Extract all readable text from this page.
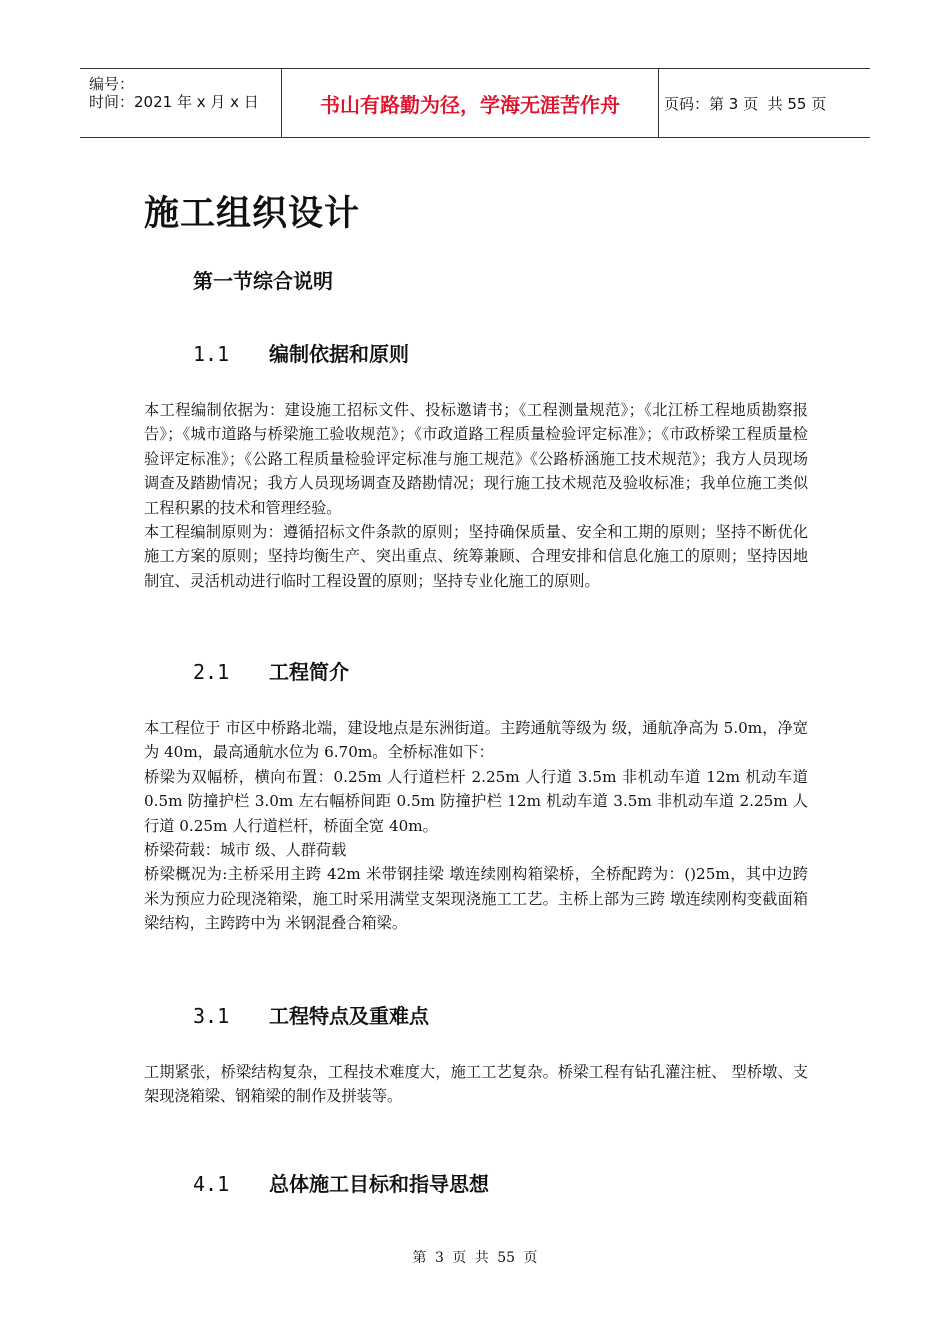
编号：
时间：2021 年 x 月 x 日	书山有路勤为径，学海无涯苦作舟	页码：第 3 页  共 55 页
施工组织设计
第一节综合说明
1.1 编制依据和原则

本工程编制依据为：建设施工招标文件、投标邀请书；《工程测量规范》；《北江桥工程地质勘察报告》；《城市道路与桥梁施工验收规范》；《市政道路工程质量检验评定标准》；《市政桥梁工程质量检验评定标准》；《公路工程质量检验评定标准与施工规范》《公路桥涵施工技术规范》；我方人员现场调查及踏勘情况；我方人员现场调查及踏勘情况；现行施工技术规范及验收标准；我单位施工类似工程积累的技术和管理经验。

本工程编制原则为：遵循招标文件条款的原则；坚持确保质量、安全和工期的原则；坚持不断优化施工方案的原则；坚持均衡生产、突出重点、统筹兼顾、合理安排和信息化施工的原则；坚持因地制宜、灵活机动进行临时工程设置的原则；坚持专业化施工的原则。

2.1 工程简介

本工程位于 市区中桥路北端，建设地点是东洲街道。主跨通航等级为 级，通航净高为 5.0m，净宽为 40m，最高通航水位为 6.70m。全桥标准如下：

桥梁为双幅桥，横向布置：0.25m 人行道栏杆 2.25m 人行道 3.5m 非机动车道 12m 机动车道 0.5m 防撞护栏 3.0m 左右幅桥间距 0.5m 防撞护栏 12m 机动车道 3.5m 非机动车道 2.25m 人行道 0.25m 人行道栏杆，桥面全宽 40m。

桥梁荷载：城市 级、人群荷载

桥梁概况为:主桥采用主跨 42m 米带钢挂梁 墩连续刚构箱梁桥，全桥配跨为：()25m，其中边跨 米为预应力砼现浇箱梁，施工时采用满堂支架现浇施工工艺。主桥上部为三跨 墩连续刚构变截面箱梁结构，主跨跨中为 米钢混叠合箱梁。

3.1 工程特点及重难点

工期紧张，桥梁结构复杂，工程技术难度大，施工工艺复杂。桥梁工程有钻孔灌注桩、 型桥墩、支架现浇箱梁、钢箱梁的制作及拼装等。

4.1 总体施工目标和指导思想
第 3 页 共 55 页
